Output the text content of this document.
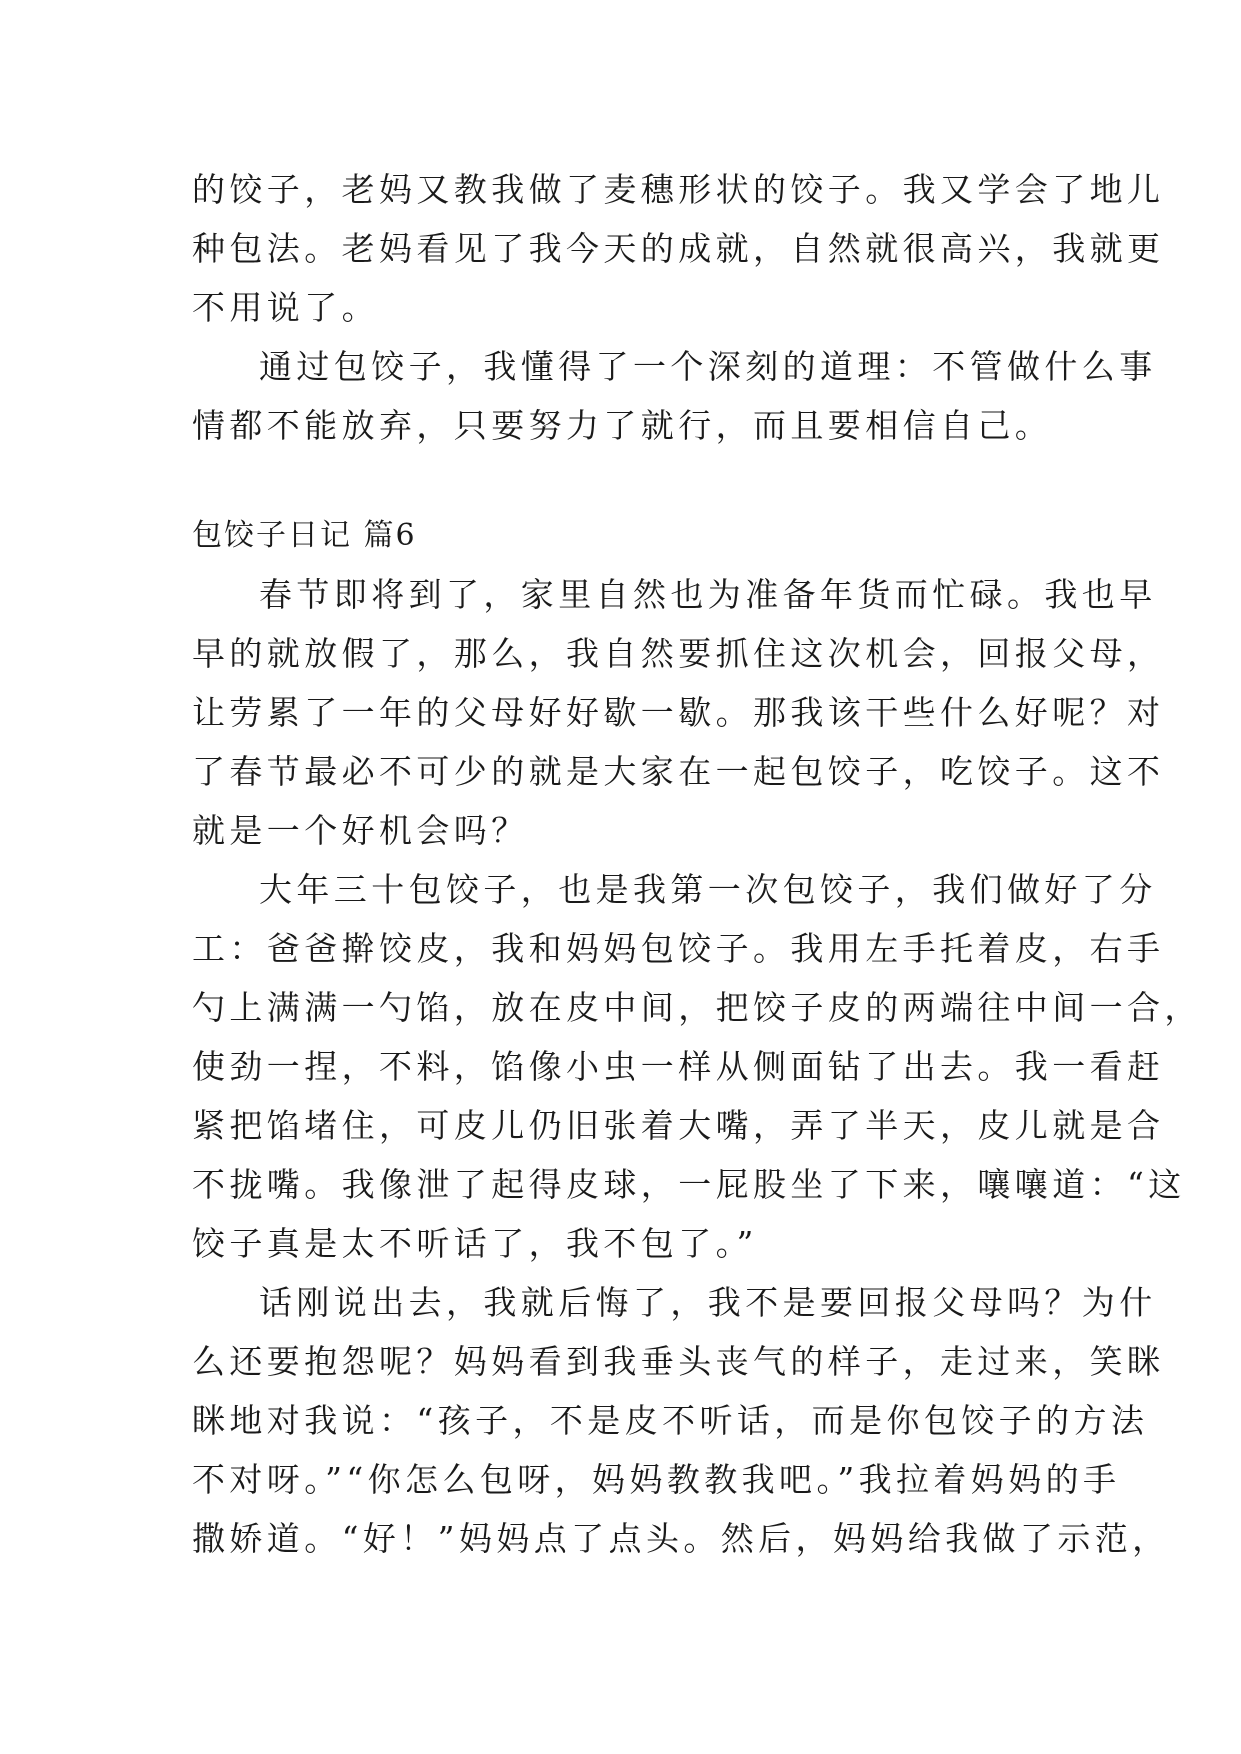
的饺子，老妈又教我做了麦穗形状的饺子。我又学会了地儿
种包法。老妈看见了我今天的成就，自然就很高兴，我就更
不用说了。
通过包饺子，我懂得了一个深刻的道理：不管做什么事
情都不能放弃，只要努力了就行，而且要相信自己。
包饺子日记 篇6
春节即将到了，家里自然也为准备年货而忙碌。我也早
早的就放假了，那么，我自然要抓住这次机会，回报父母，
让劳累了一年的父母好好歇一歇。那我该干些什么好呢？对
了春节最必不可少的就是大家在一起包饺子，吃饺子。这不
就是一个好机会吗？
大年三十包饺子，也是我第一次包饺子，我们做好了分
工：爸爸擀饺皮，我和妈妈包饺子。我用左手托着皮，右手
勺上满满一勺馅，放在皮中间，把饺子皮的两端往中间一合，
使劲一捏，不料，馅像小虫一样从侧面钻了出去。我一看赶
紧把馅堵住，可皮儿仍旧张着大嘴，弄了半天，皮儿就是合
不拢嘴。我像泄了起得皮球，一屁股坐了下来，嚷嚷道：“这
饺子真是太不听话了，我不包了。”
话刚说出去，我就后悔了，我不是要回报父母吗？为什
么还要抱怨呢？妈妈看到我垂头丧气的样子，走过来，笑眯
眯地对我说：“孩子，不是皮不听话，而是你包饺子的方法
不对呀。”“你怎么包呀，妈妈教教我吧。”我拉着妈妈的手
撒娇道。“好！”妈妈点了点头。然后，妈妈给我做了示范，
